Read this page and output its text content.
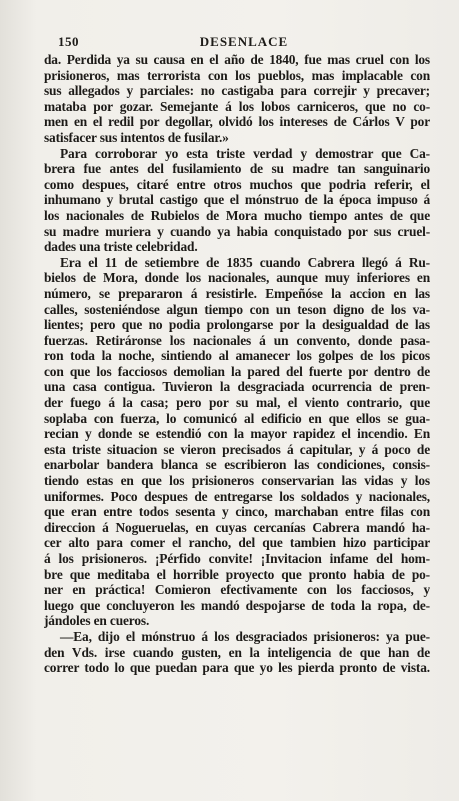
150	DESENLACE

da. Perdida ya su causa en el año de 1840, fue mas cruel con los

prisioneros, mas terrorista con los pueblos, mas implacable con

sus allegados y parciales: no castigaba para correjir y precaver;

mataba por gozar. Semejante á los lobos carniceros, que no co-

men en el redil por degollar, olvidó los intereses de Cárlos V por

satisfacer sus intentos de fusilar.»

Para corroborar yo esta triste verdad y demostrar que Ca-

brera fue antes del fusilamiento de su madre tan sanguinario

como despues, citaré entre otros muchos que podria referir, el

inhumano y brutal castigo que el mónstruo de la época impuso á

los nacionales de Rubielos de Mora mucho tiempo antes de que

su madre muriera y cuando ya habia conquistado por sus cruel-

dades una triste celebridad.

Era el 11 de setiembre de 1835 cuando Cabrera llegó á Ru-

bielos de Mora, donde los nacionales, aunque muy inferiores en

número, se prepararon á resistirle. Empeñóse la accion en las

calles, sosteniéndose algun tiempo con un teson digno de los va-

lientes; pero que no podia prolongarse por la desigualdad de las

fuerzas. Retiráronse los nacionales á un convento, donde pasa-

ron toda la noche, sintiendo al amanecer los golpes de los picos

con que los facciosos demolian la pared del fuerte por dentro de

una casa contigua. Tuvieron la desgraciada ocurrencia de pren-

der fuego á la casa; pero por su mal, el viento contrario, que

soplaba con fuerza, lo comunicó al edificio en que ellos se gua-

recian y donde se estendió con la mayor rapidez el incendio. En

esta triste situacion se vieron precisados á capitular, y á poco de

enarbolar bandera blanca se escribieron las condiciones, consis-

tiendo estas en que los prisioneros conservarian las vidas y los

uniformes. Poco despues de entregarse los soldados y nacionales,

que eran entre todos sesenta y cinco, marchaban entre filas con

direccion á Nogueruelas, en cuyas cercanías Cabrera mandó ha-

cer alto para comer el rancho, del que tambien hizo participar

á los prisioneros. ¡Pérfido convite! ¡Invitacion infame del hom-

bre que meditaba el horrible proyecto que pronto habia de po-

ner en práctica! Comieron efectivamente con los facciosos, y

luego que concluyeron les mandó despojarse de toda la ropa, de-

jándoles en cueros.

—Ea, dijo el mónstruo á los desgraciados prisioneros: ya pue-

den Vds. irse cuando gusten, en la inteligencia de que han de

correr todo lo que puedan para que yo les pierda pronto de vista.
